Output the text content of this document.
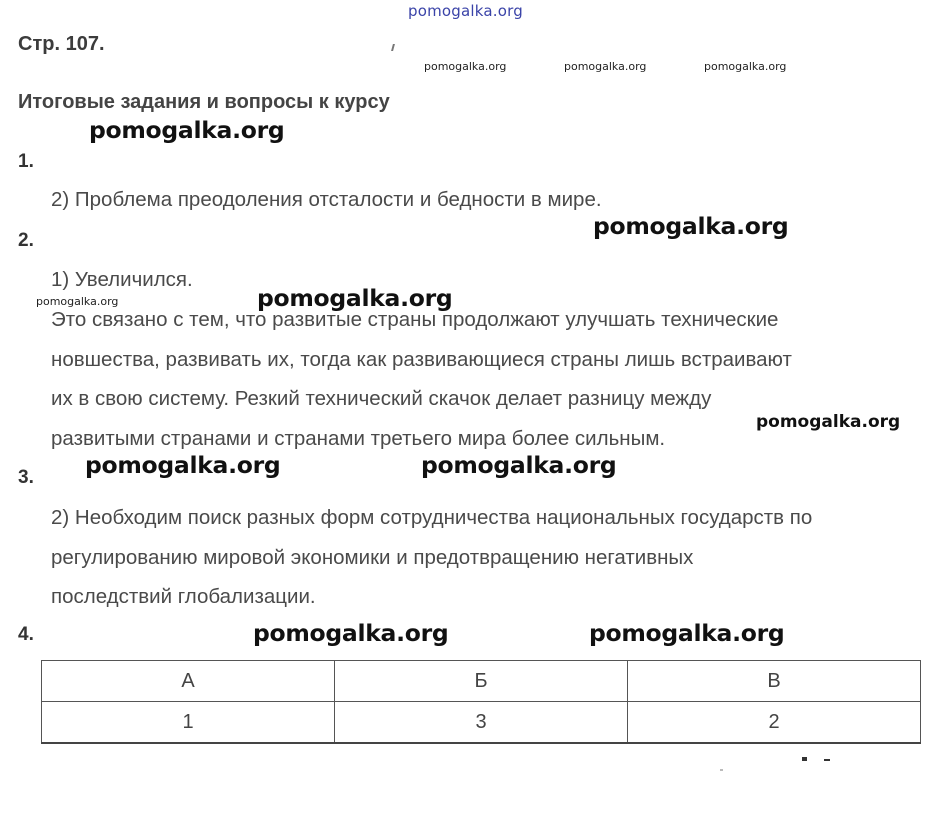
pomogalka.org
Стр. 107.
pomogalka.org	pomogalka.org	pomogalka.org
Итоговые задания и вопросы к курсу
pomogalka.org
1.
2) Проблема преодоления отсталости и бедности в мире.
pomogalka.org
2.
1) Увеличился.
pomogalka.org	pomogalka.org
Это связано с тем, что развитые страны продолжают улучшать технические
новшества, развивать их, тогда как развивающиеся страны лишь встраивают
их в свою систему. Резкий технический скачок делает разницу между
развитыми странами и странами третьего мира более сильным.
pomogalka.org
pomogalka.org	pomogalka.org
3.
2) Необходим поиск разных форм сотрудничества национальных государств по
регулированию мировой экономики и предотвращению негативных
последствий глобализации.
4.	pomogalka.org	pomogalka.org
А	Б	В
1	3	2
